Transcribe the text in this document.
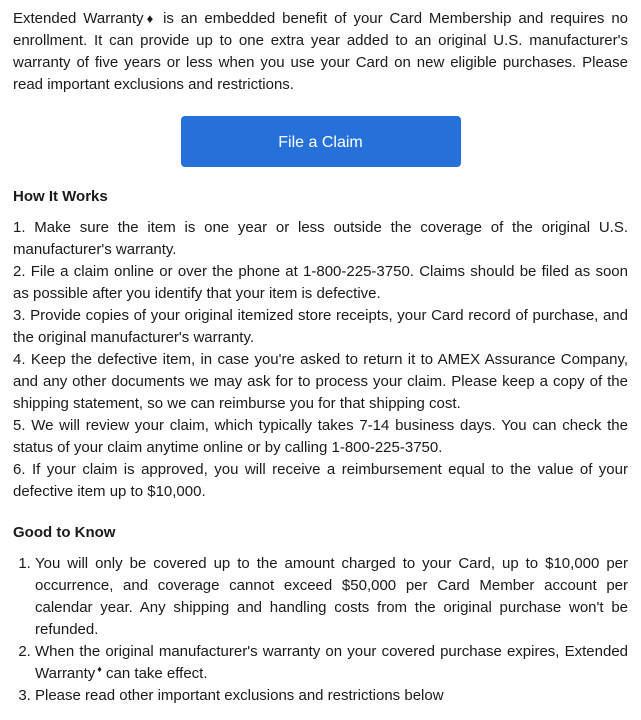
Extended Warranty ♦ is an embedded benefit of your Card Membership and requires no enrollment. It can provide up to one extra year added to an original U.S. manufacturer's warranty of five years or less when you use your Card on new eligible purchases. Please read important exclusions and restrictions.

File a Claim
How It Works

1. Make sure the item is one year or less outside the coverage of the original U.S. manufacturer's warranty.

2. File a claim online or over the phone at 1-800-225-3750. Claims should be filed as soon as possible after you identify that your item is defective.

3. Provide copies of your original itemized store receipts, your Card record of purchase, and the original manufacturer's warranty.

4. Keep the defective item, in case you're asked to return it to AMEX Assurance Company, and any other documents we may ask for to process your claim. Please keep a copy of the shipping statement, so we can reimburse you for that shipping cost.

5. We will review your claim, which typically takes 7-14 business days. You can check the status of your claim anytime online or by calling 1-800-225-3750.

6. If your claim is approved, you will receive a reimbursement equal to the value of your defective item up to $10,000.

Good to Know
1. You will only be covered up to the amount charged to your Card, up to $10,000 per occurrence, and coverage cannot exceed $50,000 per Card Member account per calendar year. Any shipping and handling costs from the original purchase won't be refunded.
2. When the original manufacturer's warranty on your covered purchase expires, Extended Warranty ♦ can take effect.
3. Please read other important exclusions and restrictions below
